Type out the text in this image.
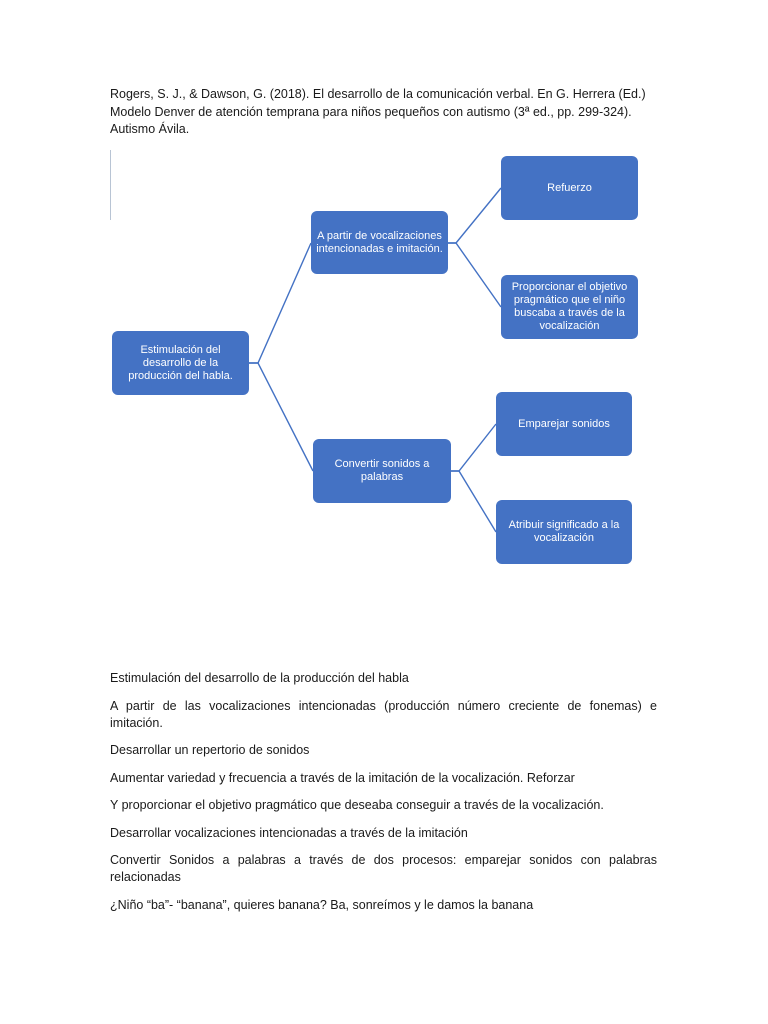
Rogers, S. J., & Dawson, G. (2018). El desarrollo de la comunicación verbal. En G. Herrera (Ed.) Modelo Denver de atención temprana para niños pequeños con autismo (3ª ed., pp. 299-324). Autismo Ávila.
Estimulación del desarrollo de la producción del habla.
A partir de vocalizaciones intencionadas e imitación.
Convertir sonidos a palabras
Refuerzo
Proporcionar el objetivo pragmático que el niño buscaba a través de la vocalización
Emparejar sonidos
Atribuir significado a la vocalización

Estimulación del desarrollo de la producción del habla

A partir de las vocalizaciones intencionadas (producción número creciente de fonemas) e imitación.

Desarrollar un repertorio de sonidos

Aumentar variedad y frecuencia a través de la imitación de la vocalización. Reforzar

Y proporcionar el objetivo pragmático que deseaba conseguir a través de la vocalización.

Desarrollar vocalizaciones intencionadas a través de la imitación

Convertir Sonidos a palabras a través de dos procesos: emparejar sonidos con palabras relacionadas

¿Niño “ba”- “banana”, quieres banana? Ba, sonreímos y le damos la banana
